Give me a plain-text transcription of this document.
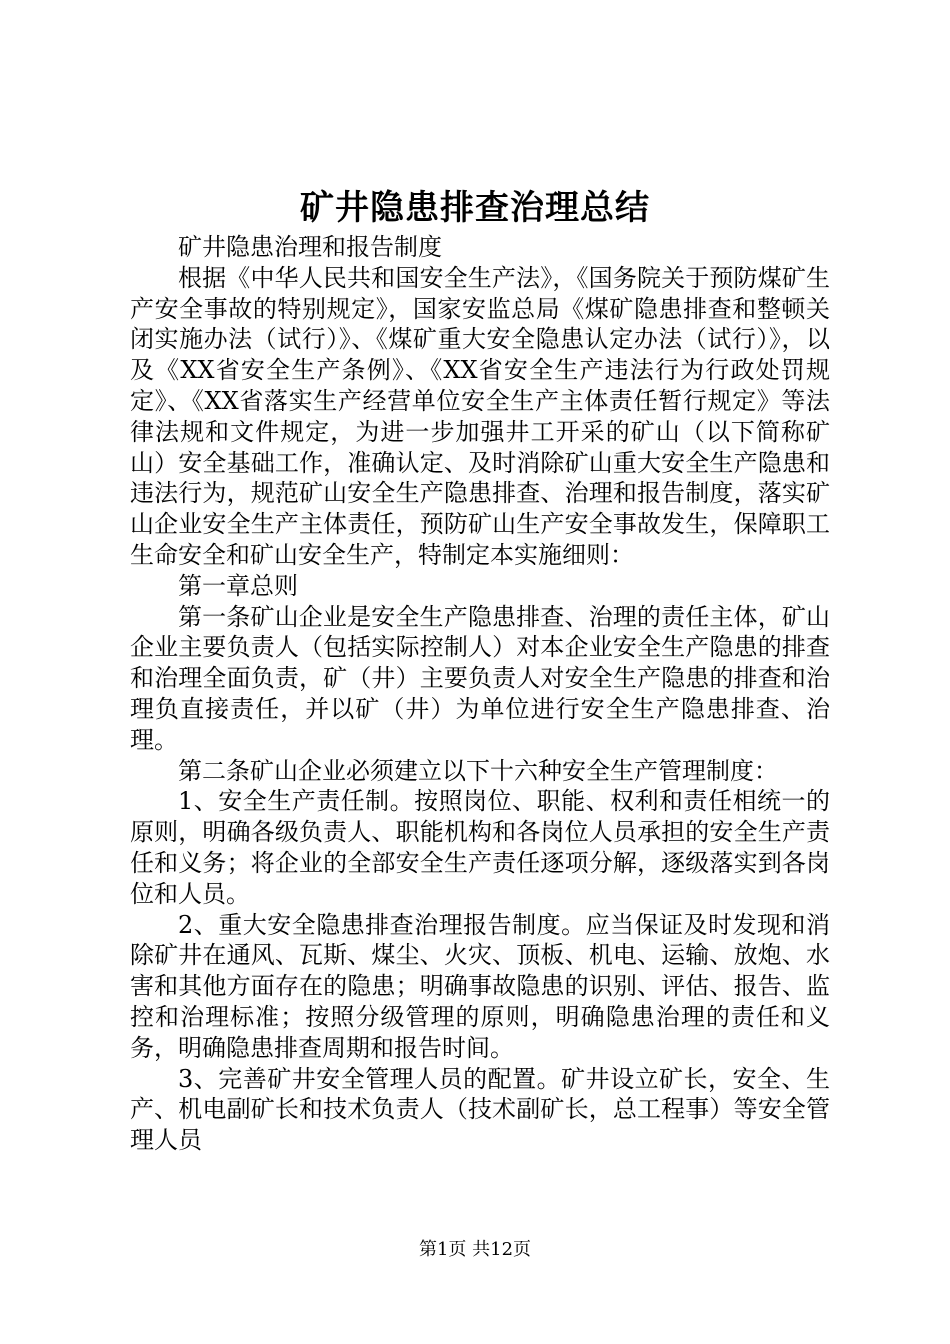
矿井隐患排查治理总结

矿井隐患治理和报告制度

根据《中华人民共和国安全生产法》，《国务院关于预防煤矿生产安全事故的特别规定》，国家安监总局《煤矿隐患排查和整顿关闭实施办法（试行）》、《煤矿重大安全隐患认定办法（试行）》，以及《XX省安全生产条例》、《XX省安全生产违法行为行政处罚规定》、《XX省落实生产经营单位安全生产主体责任暂行规定》等法律法规和文件规定，为进一步加强井工开采的矿山（以下简称矿山）安全基础工作，准确认定、及时消除矿山重大安全生产隐患和违法行为，规范矿山安全生产隐患排查、治理和报告制度，落实矿山企业安全生产主体责任，预防矿山生产安全事故发生，保障职工生命安全和矿山安全生产，特制定本实施细则：

第一章总则

第一条矿山企业是安全生产隐患排查、治理的责任主体，矿山企业主要负责人（包括实际控制人）对本企业安全生产隐患的排查和治理全面负责，矿（井）主要负责人对安全生产隐患的排查和治理负直接责任，并以矿（井）为单位进行安全生产隐患排查、治理。

第二条矿山企业必须建立以下十六种安全生产管理制度：

1、安全生产责任制。按照岗位、职能、权利和责任相统一的原则，明确各级负责人、职能机构和各岗位人员承担的安全生产责任和义务；将企业的全部安全生产责任逐项分解，逐级落实到各岗位和人员。

2、重大安全隐患排查治理报告制度。应当保证及时发现和消除矿井在通风、瓦斯、煤尘、火灾、顶板、机电、运输、放炮、水害和其他方面存在的隐患；明确事故隐患的识别、评估、报告、监控和治理标准；按照分级管理的原则，明确隐患治理的责任和义务，明确隐患排查周期和报告时间。

3、完善矿井安全管理人员的配置。矿井设立矿长，安全、生产、机电副矿长和技术负责人（技术副矿长，总工程事）等安全管理人员

第1页 共12页
